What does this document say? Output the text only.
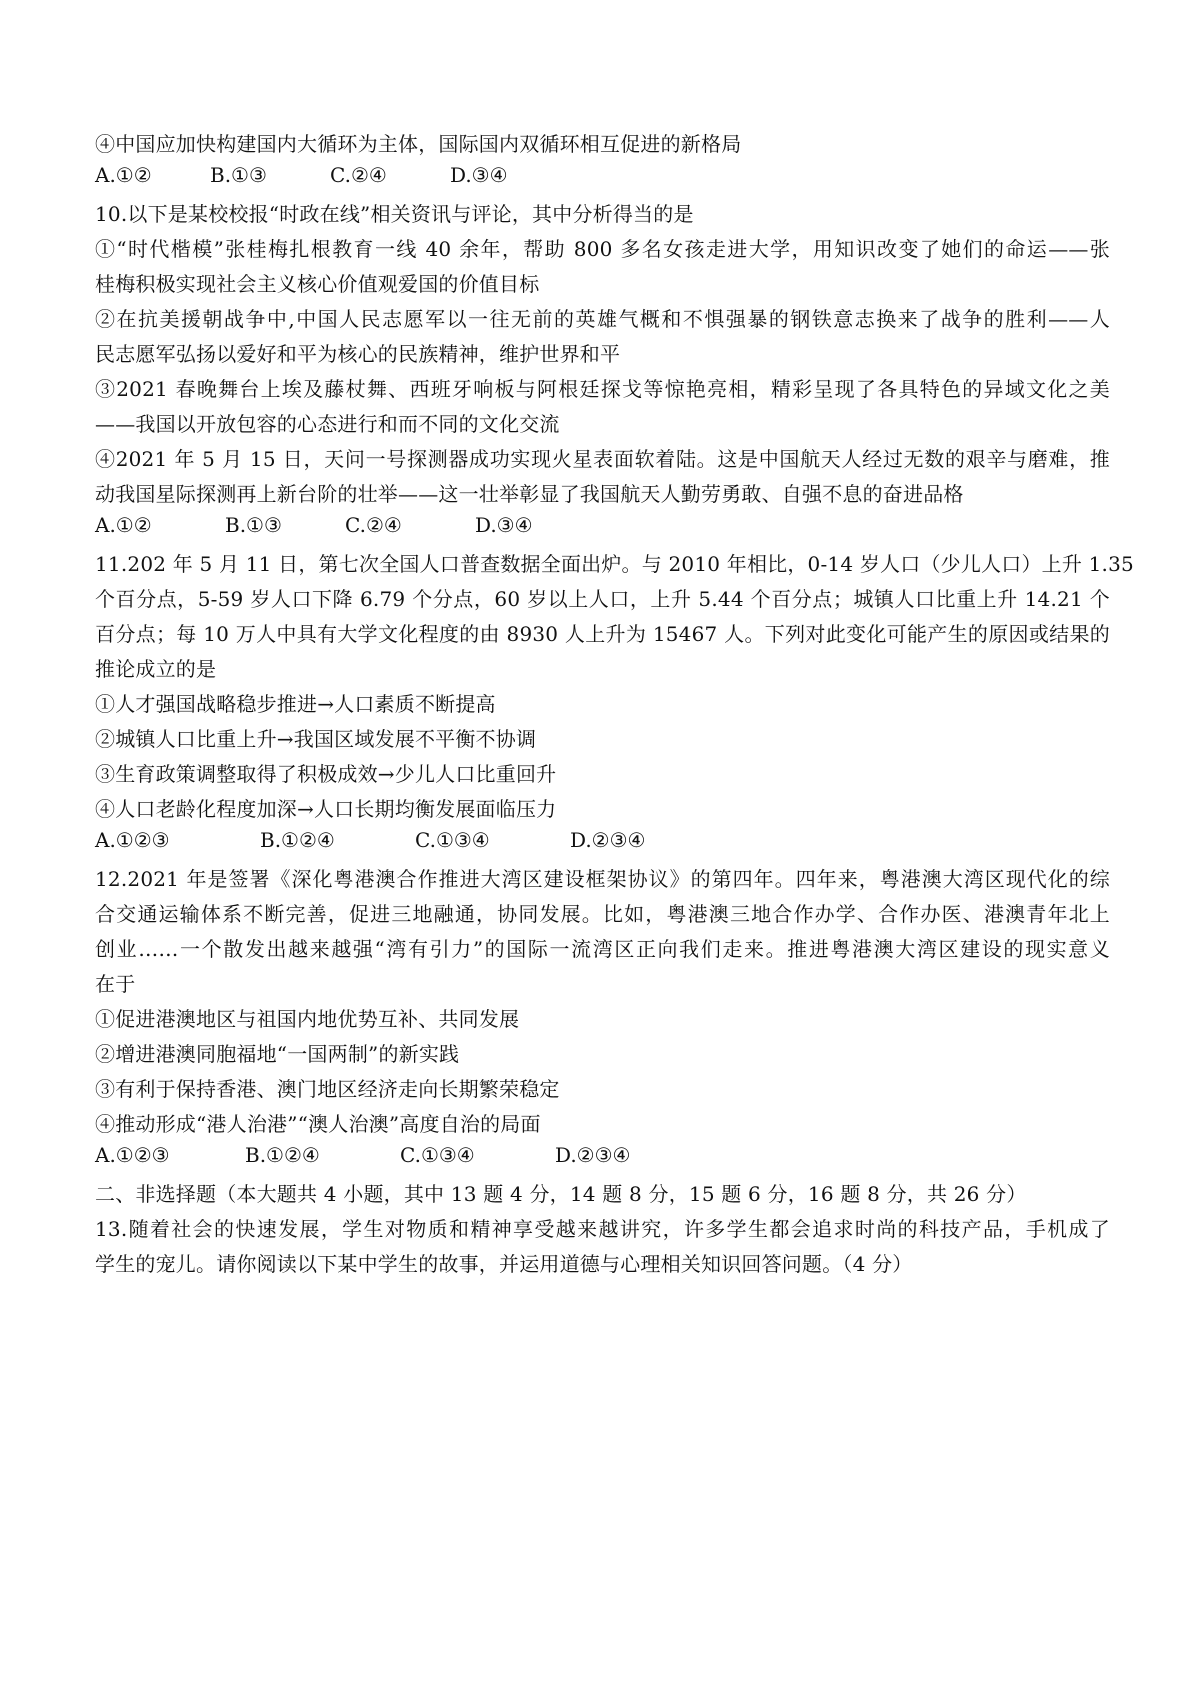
④中国应加快构建国内大循环为主体，国际国内双循环相互促进的新格局
A.①②	B.①③	C.②④	D.③④
10.以下是某校校报“时政在线”相关资讯与评论，其中分析得当的是
①“时代楷模”张桂梅扎根教育一线 40 余年，帮助 800 多名女孩走进大学，用知识改变了她们的命运——张
桂梅积极实现社会主义核心价值观爱国的价值目标
②在抗美援朝战争中,中国人民志愿军以一往无前的英雄气概和不惧强暴的钢铁意志换来了战争的胜利——人
民志愿军弘扬以爱好和平为核心的民族精神，维护世界和平
③2021 春晚舞台上埃及藤杖舞、西班牙响板与阿根廷探戈等惊艳亮相，精彩呈现了各具特色的异域文化之美
——我国以开放包容的心态进行和而不同的文化交流
④2021 年 5 月 15 日，天问一号探测器成功实现火星表面软着陆。这是中国航天人经过无数的艰辛与磨难，推
动我国星际探测再上新台阶的壮举——这一壮举彰显了我国航天人勤劳勇敢、自强不息的奋进品格
A.①②	B.①③	C.②④	D.③④
11.202 年 5 月 11 日，第七次全国人口普查数据全面出炉。与 2010 年相比，0-14 岁人口（少儿人口）上升 1.35
个百分点，5-59 岁人口下降 6.79 个分点，60 岁以上人口，上升 5.44 个百分点；城镇人口比重上升 14.21 个
百分点；每 10 万人中具有大学文化程度的由 8930 人上升为 15467 人。下列对此变化可能产生的原因或结果的
推论成立的是
①人才强国战略稳步推进→人口素质不断提高
②城镇人口比重上升→我国区域发展不平衡不协调
③生育政策调整取得了积极成效→少儿人口比重回升
④人口老龄化程度加深→人口长期均衡发展面临压力
A.①②③	B.①②④	C.①③④	D.②③④
12.2021 年是签署《深化粤港澳合作推进大湾区建设框架协议》的第四年。四年来，粤港澳大湾区现代化的综
合交通运输体系不断完善，促进三地融通，协同发展。比如，粤港澳三地合作办学、合作办医、港澳青年北上
创业……一个散发出越来越强“湾有引力”的国际一流湾区正向我们走来。推进粤港澳大湾区建设的现实意义
在于
①促进港澳地区与祖国内地优势互补、共同发展
②增进港澳同胞福地“一国两制”的新实践
③有利于保持香港、澳门地区经济走向长期繁荣稳定
④推动形成“港人治港”“澳人治澳”高度自治的局面
A.①②③	B.①②④	C.①③④	D.②③④
二、非选择题（本大题共 4 小题，其中 13 题 4 分，14 题 8 分，15 题 6 分，16 题 8 分，共 26 分）
13.随着社会的快速发展，学生对物质和精神享受越来越讲究，许多学生都会追求时尚的科技产品，手机成了
学生的宠儿。请你阅读以下某中学生的故事，并运用道德与心理相关知识回答问题。（4 分）
